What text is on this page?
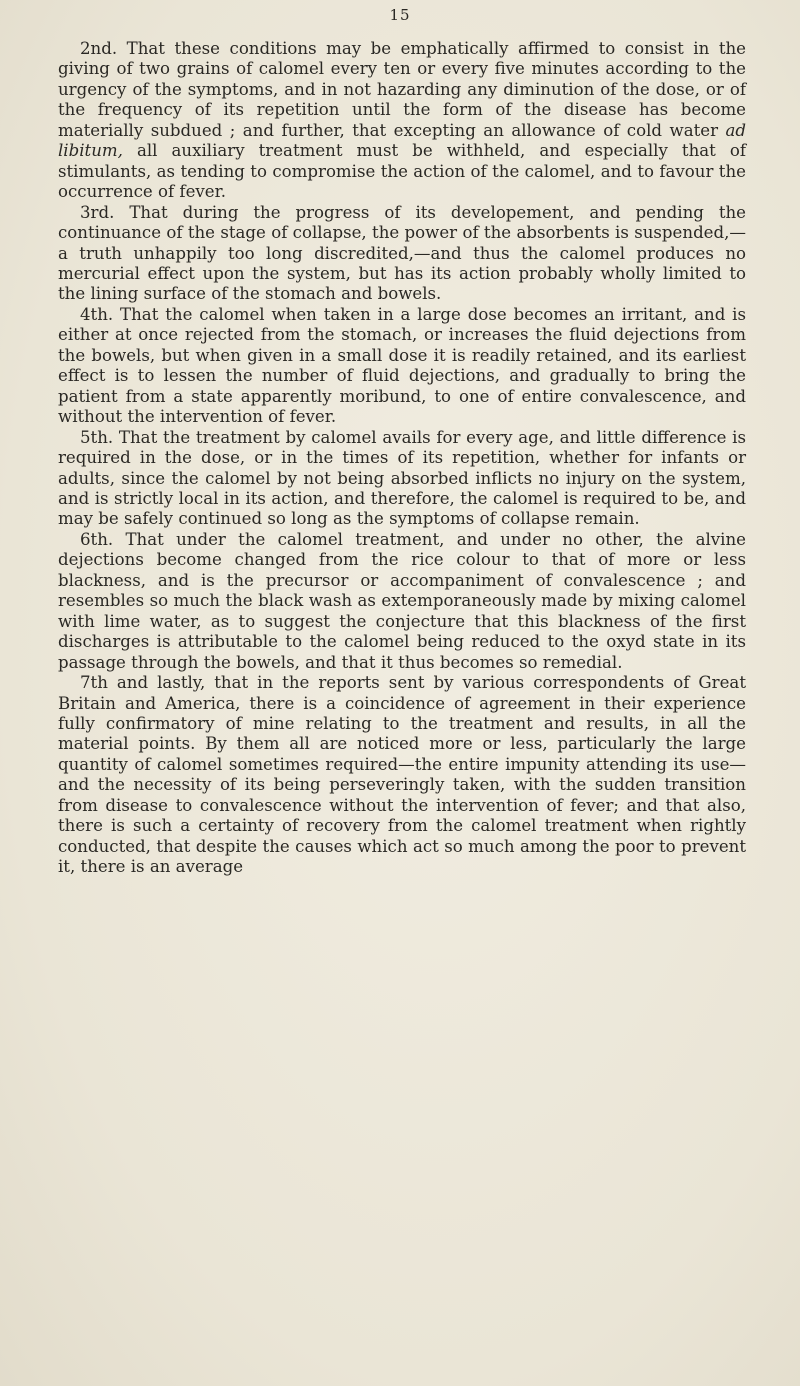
15

2nd. That these conditions may be emphatically affirmed to consist in the giving of two grains of calomel every ten or every five minutes according to the urgency of the symptoms, and in not hazarding any diminution of the dose, or of the frequency of its repetition until the form of the disease has become materially subdued ; and further, that excepting an allowance of cold water ad libitum, all auxiliary treatment must be withheld, and especially that of stimulants, as tending to compromise the action of the calomel, and to favour the occurrence of fever.

3rd. That during the progress of its developement, and pending the continuance of the stage of collapse, the power of the absorbents is suspended,—a truth unhappily too long discredited,—and thus the calomel produces no mercurial effect upon the system, but has its action probably wholly limited to the lining surface of the stomach and bowels.

4th. That the calomel when taken in a large dose becomes an irritant, and is either at once rejected from the stomach, or increases the fluid dejections from the bowels, but when given in a small dose it is readily retained, and its earliest effect is to lessen the number of fluid dejections, and gradually to bring the patient from a state apparently moribund, to one of entire convalescence, and without the intervention of fever.

5th. That the treatment by calomel avails for every age, and little difference is required in the dose, or in the times of its repetition, whether for infants or adults, since the calomel by not being absorbed inflicts no injury on the system, and is strictly local in its action, and therefore, the calomel is required to be, and may be safely continued so long as the symptoms of collapse remain.

6th. That under the calomel treatment, and under no other, the alvine dejections become changed from the rice colour to that of more or less blackness, and is the precursor or accompaniment of convalescence ; and resembles so much the black wash as extemporaneously made by mixing calomel with lime water, as to suggest the conjecture that this blackness of the first discharges is attributable to the calomel being reduced to the oxyd state in its passage through the bowels, and that it thus becomes so remedial.

7th and lastly, that in the reports sent by various correspondents of Great Britain and America, there is a coincidence of agreement in their experience fully confirmatory of mine relating to the treatment and results, in all the material points. By them all are noticed more or less, particularly the large quantity of calomel sometimes required—the entire impunity attending its use—and the necessity of its being perseveringly taken, with the sudden transition from disease to convalescence without the intervention of fever; and that also, there is such a certainty of recovery from the calomel treatment when rightly conducted, that despite the causes which act so much among the poor to prevent it, there is an average
